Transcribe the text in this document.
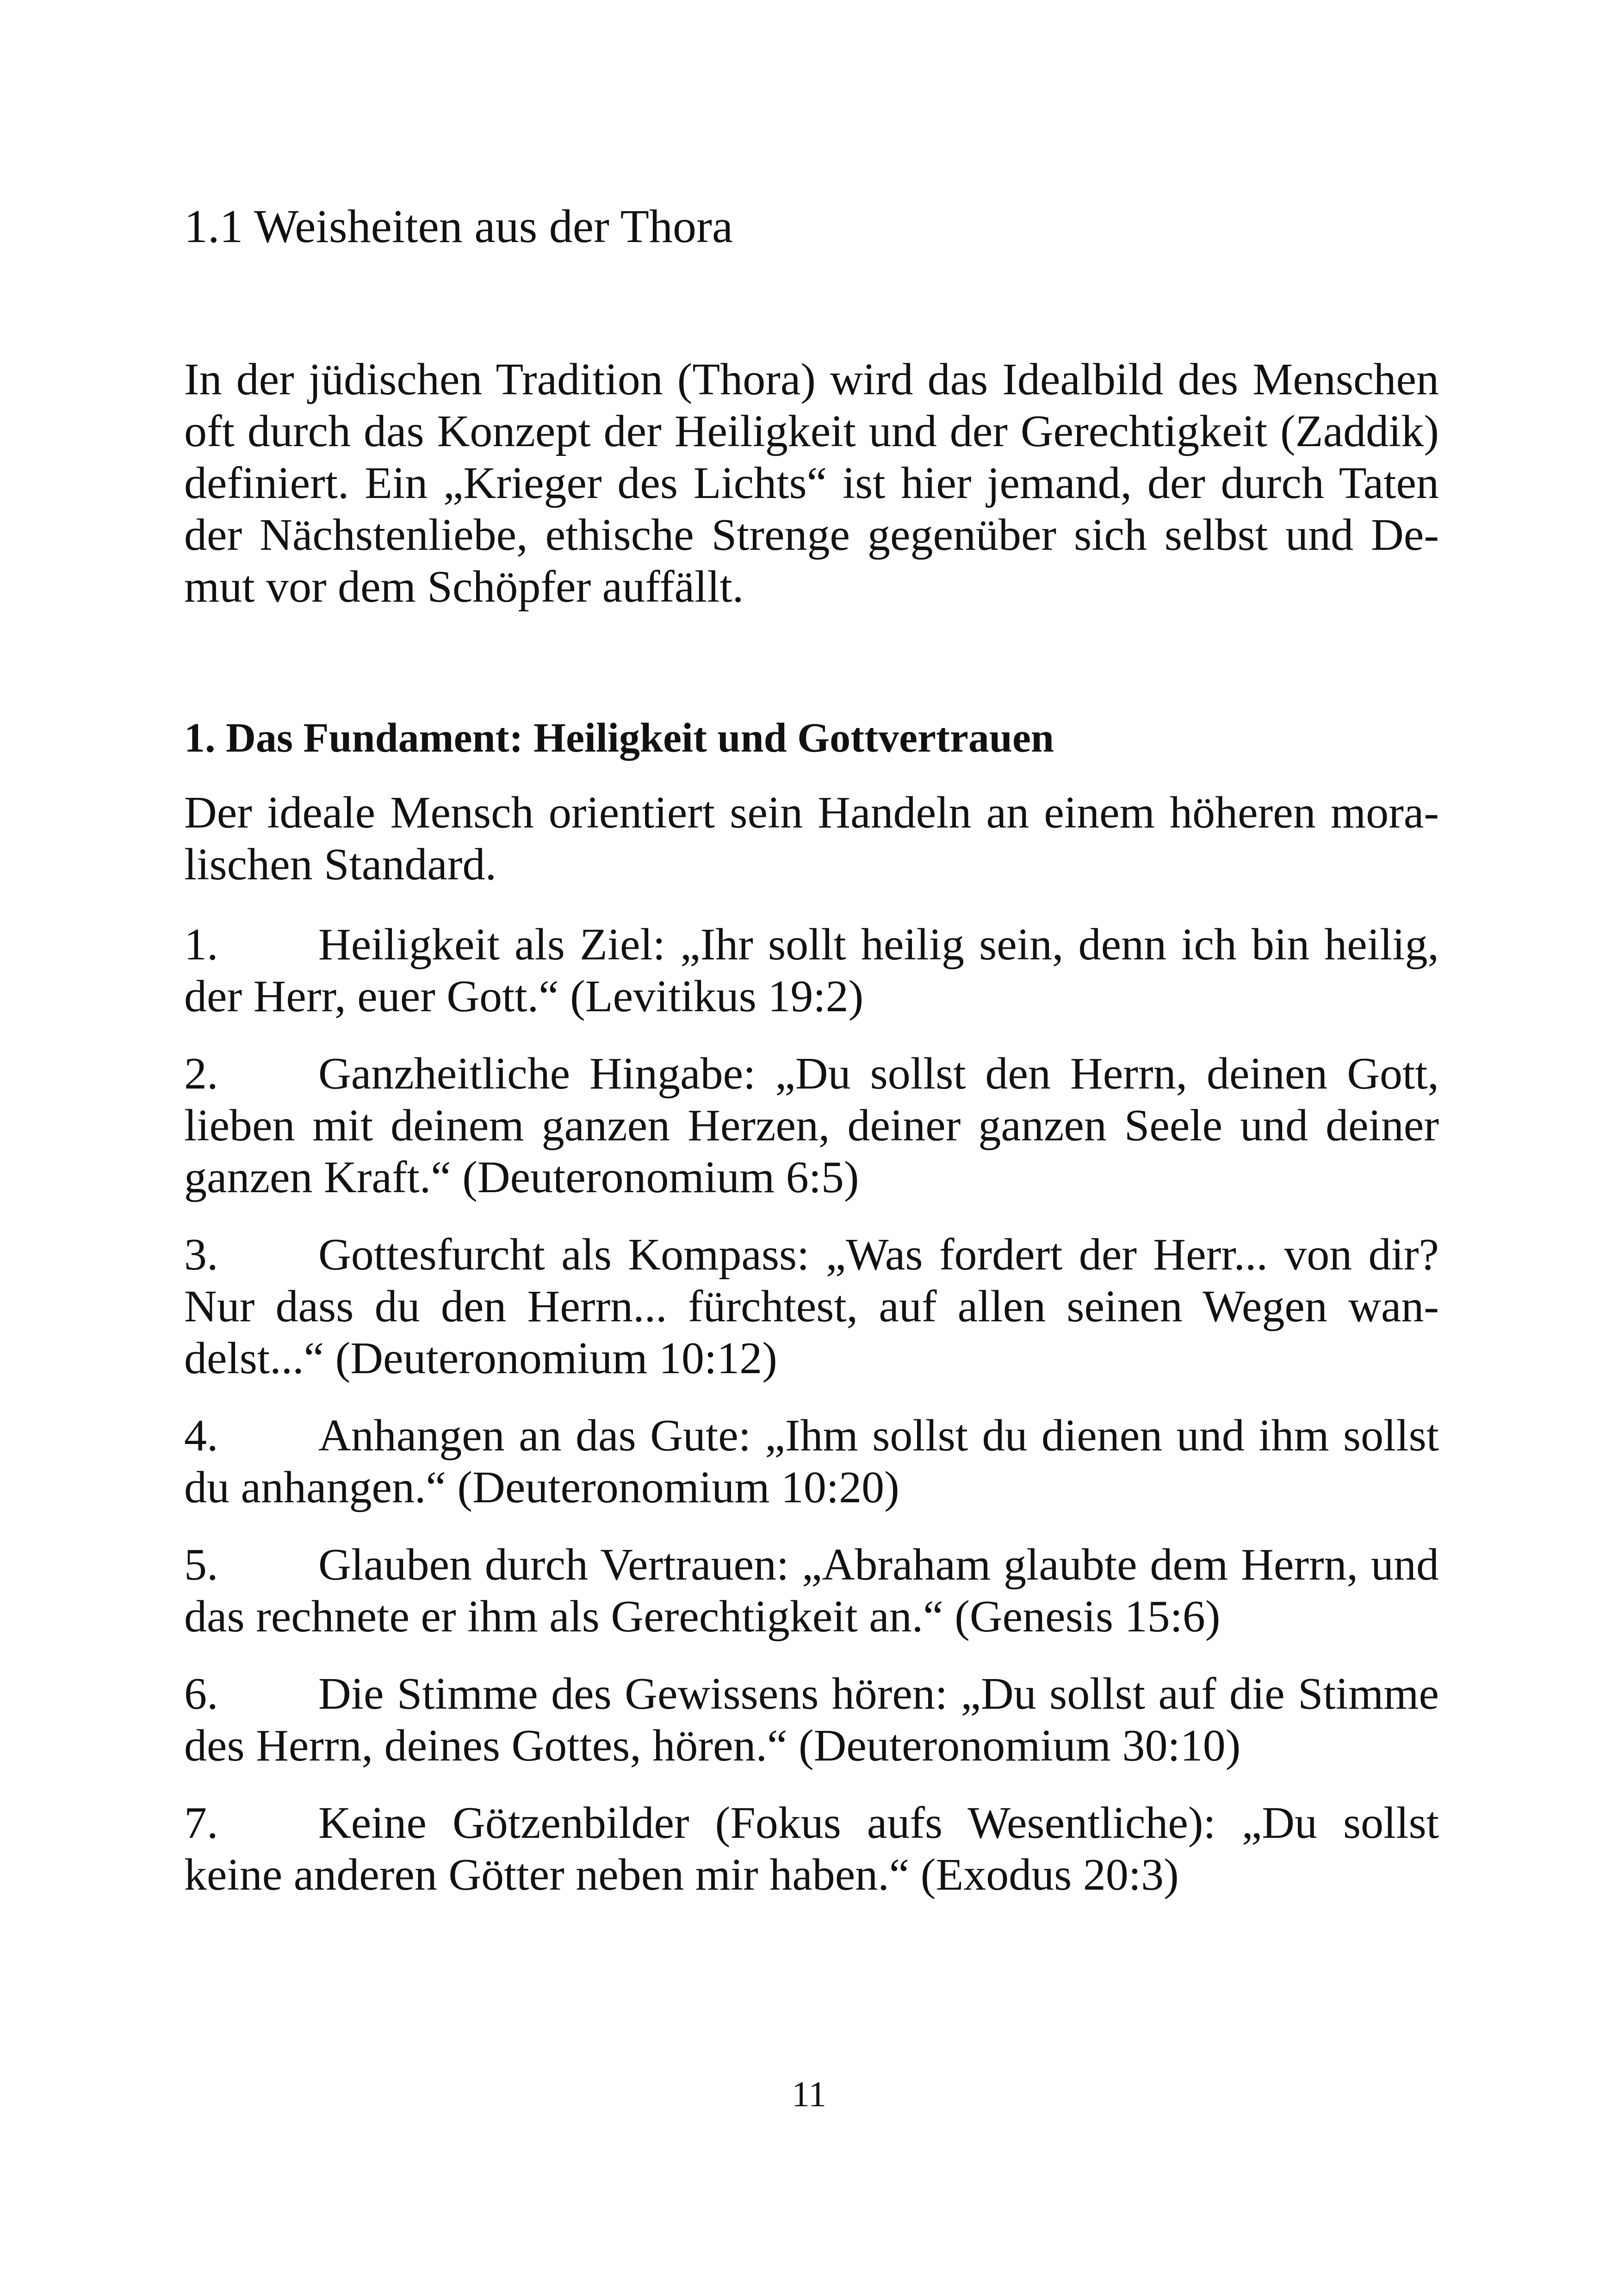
1.1 Weisheiten aus der Thora

In der jüdischen Tradition (Thora) wird das Idealbild des Menschen oft durch das Konzept der Heiligkeit und der Gerechtigkeit (Zaddik) definiert. Ein „Krieger des Lichts“ ist hier jemand, der durch Taten der Nächstenliebe, ethische Strenge gegenüber sich selbst und Demut vor dem Schöpfer auffällt.

1. Das Fundament: Heiligkeit und Gottvertrauen

Der ideale Mensch orientiert sein Handeln an einem höheren moralischen Standard.

1. Heiligkeit als Ziel: „Ihr sollt heilig sein, denn ich bin heilig, der Herr, euer Gott.“ (Levitikus 19:2)
2. Ganzheitliche Hingabe: „Du sollst den Herrn, deinen Gott, lieben mit deinem ganzen Herzen, deiner ganzen Seele und deiner ganzen Kraft.“ (Deuteronomium 6:5)
3. Gottesfurcht als Kompass: „Was fordert der Herr... von dir? Nur dass du den Herrn... fürchtest, auf allen seinen Wegen wandelst...“ (Deuteronomium 10:12)
4. Anhangen an das Gute: „Ihm sollst du dienen und ihm sollst du anhangen.“ (Deuteronomium 10:20)
5. Glauben durch Vertrauen: „Abraham glaubte dem Herrn, und das rechnete er ihm als Gerechtigkeit an.“ (Genesis 15:6)
6. Die Stimme des Gewissens hören: „Du sollst auf die Stimme des Herrn, deines Gottes, hören.“ (Deuteronomium 30:10)
7. Keine Götzenbilder (Fokus aufs Wesentliche): „Du sollst keine anderen Götter neben mir haben.“ (Exodus 20:3)

11
